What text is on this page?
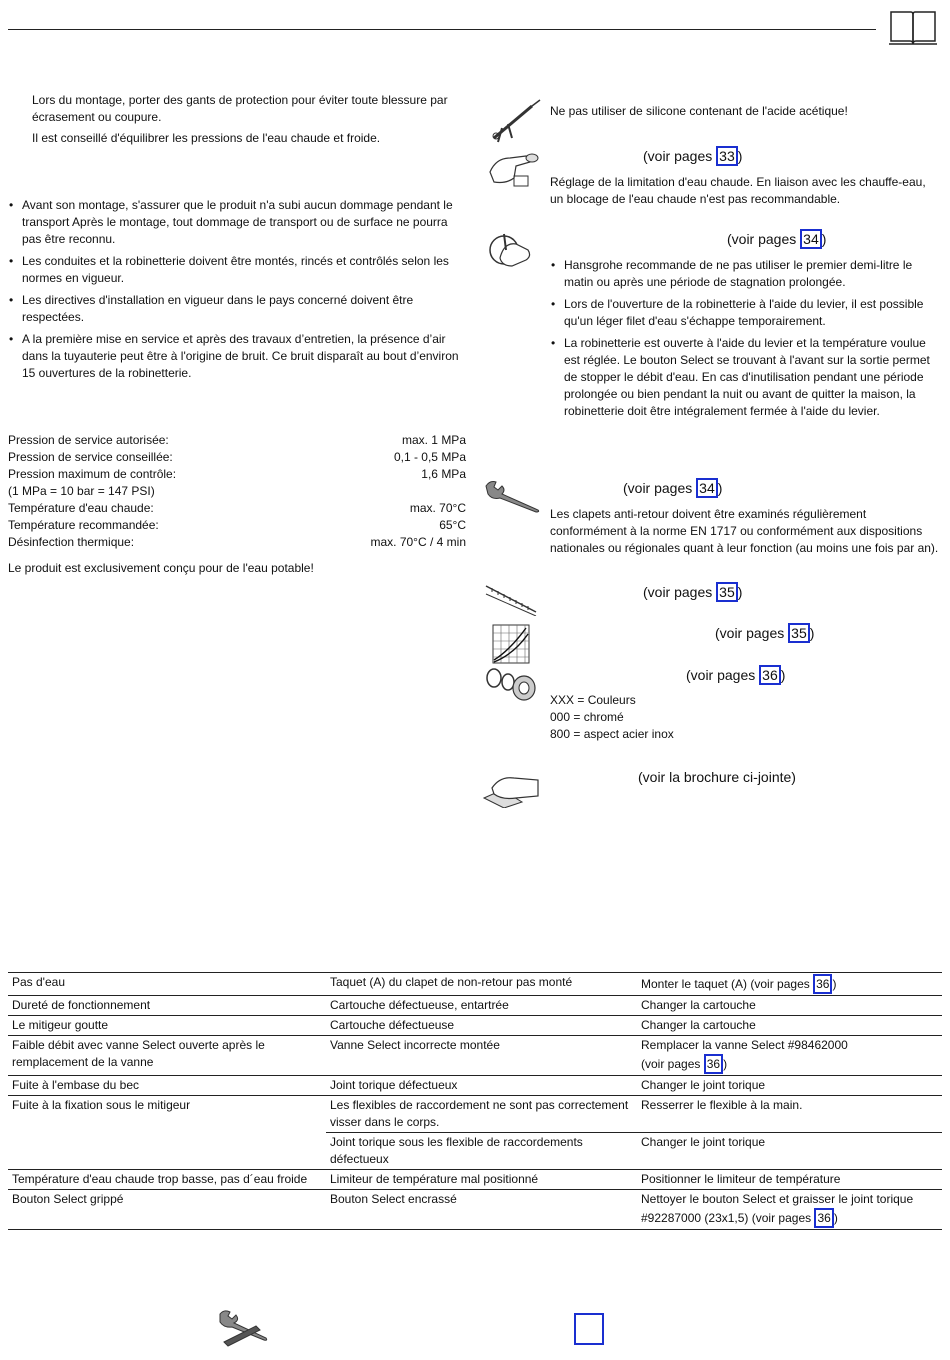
Lors du montage, porter des gants de protection pour éviter toute blessure par écrasement ou coupure.

Il est conseillé d'équilibrer les pressions de l'eau chaude et froide.

• Avant son montage, s'assurer que le produit n'a subi aucun dommage pendant le transport Après le montage, tout dommage de transport ou de surface ne pourra pas être reconnu.
• Les conduites et la robinetterie doivent être montés, rincés et contrôlés selon les normes en vigueur.
• Les directives d'installation en vigueur dans le pays concerné doivent être respectées.
• A la première mise en service et après des travaux d’entretien, la présence d’air dans la tuyauterie peut être à l'origine de bruit. Ce bruit disparaît au bout d’environ 15 ouvertures de la robinetterie.
Pression de service autorisée:	max. 1 MPa
Pression de service conseillée:	0,1 - 0,5 MPa
Pression maximum de contrôle:	1,6 MPa
(1 MPa = 10 bar = 147 PSI)
Température d'eau chaude:	max. 70°C
Température recommandée:	65°C
Désinfection thermique:	max. 70°C / 4 min

Le produit est exclusivement conçu pour de l'eau potable!

Ne pas utiliser de silicone contenant de l'acide acétique!

(voir pages 33 )

Réglage de la limitation d'eau chaude. En liaison avec les chauffe-eau, un blocage de l'eau chaude n'est pas recommandable.

(voir pages 34 )
• Hansgrohe recommande de ne pas utiliser le premier demi-litre le matin ou après une période de stagnation prolongée.
• Lors de l'ouverture de la robinetterie à l'aide du levier, il est possible qu'un léger filet d'eau s'échappe temporairement.
• La robinetterie est ouverte à l'aide du levier et la température voulue est réglée. Le bouton Select se trouvant à l'avant sur la sortie permet de stopper le débit d'eau. En cas d'inutilisation pendant une période prolongée ou bien pendant la nuit ou avant de quitter la maison, la robinetterie doit être intégralement fermée à l'aide du levier.
(voir pages 34 )

Les clapets anti-retour doivent être examinés régulièrement conformément à la norme EN 1717 ou conformément aux dispositions nationales ou régionales quant à leur fonction (au moins une fois par an).

(voir pages 35 )
(voir pages 35 )
(voir pages 36 )
XXX = Couleurs
000 = chromé
800 = aspect acier inox
(voir la brochure ci-jointe)
Pas d'eau	Taquet (A) du clapet de non-retour pas monté	Monter le taquet (A) (voir pages 36 )
Dureté de fonctionnement	Cartouche défectueuse, entartrée	Changer la cartouche
Le mitigeur goutte	Cartouche défectueuse	Changer la cartouche
Faible débit avec vanne Select ouverte après le remplacement de la vanne	Vanne Select incorrecte montée	Remplacer la vanne Select #98462000
(voir pages 36 )
Fuite à l'embase du bec	Joint torique défectueux	Changer le joint torique
Fuite à la fixation sous le mitigeur	Les flexibles de raccordement ne sont pas correctement visser dans le corps.	Resserrer le flexible à la main.
	Joint torique sous les flexible de raccordements défectueux	Changer le joint torique
Température d'eau chaude trop basse, pas d´eau froide	Limiteur de température mal positionné	Positionner le limiteur de température
Bouton Select grippé	Bouton Select encrassé	Nettoyer le bouton Select et graisser le joint torique #92287000 (23x1,5) (voir pages 36 )
